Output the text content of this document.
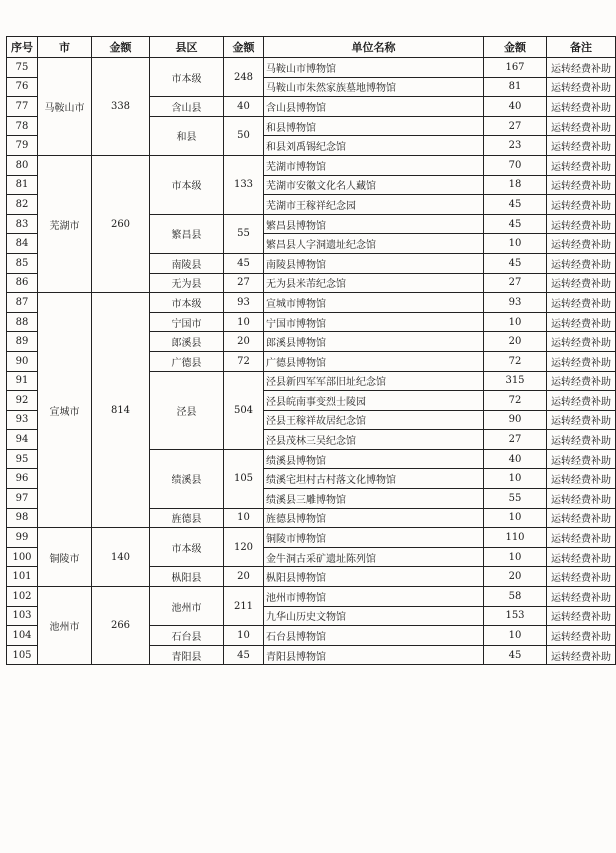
序号	市	金额	县区	金额	单位名称	金额	备注
75	马鞍山市	338	市本级	248	马鞍山市博物馆	167	运转经费补助
76					马鞍山市朱然家族墓地博物馆	81	运转经费补助
77			含山县	40	含山县博物馆	40	运转经费补助
78			和县	50	和县博物馆	27	运转经费补助
79					和县刘禹锡纪念馆	23	运转经费补助
80	芜湖市	260	市本级	133	芜湖市博物馆	70	运转经费补助
81					芜湖市安徽文化名人藏馆	18	运转经费补助
82					芜湖市王稼祥纪念园	45	运转经费补助
83			繁昌县	55	繁昌县博物馆	45	运转经费补助
84					繁昌县人字洞遗址纪念馆	10	运转经费补助
85			南陵县	45	南陵县博物馆	45	运转经费补助
86			无为县	27	无为县米芾纪念馆	27	运转经费补助
87	宣城市	814	市本级	93	宣城市博物馆	93	运转经费补助
88			宁国市	10	宁国市博物馆	10	运转经费补助
89			郎溪县	20	郎溪县博物馆	20	运转经费补助
90			广德县	72	广德县博物馆	72	运转经费补助
91			泾县	504	泾县新四军军部旧址纪念馆	315	运转经费补助
92					泾县皖南事变烈士陵园	72	运转经费补助
93					泾县王稼祥故居纪念馆	90	运转经费补助
94					泾县茂林三吴纪念馆	27	运转经费补助
95			绩溪县	105	绩溪县博物馆	40	运转经费补助
96					绩溪宅坦村古村落文化博物馆	10	运转经费补助
97					绩溪县三雕博物馆	55	运转经费补助
98			旌德县	10	旌德县博物馆	10	运转经费补助
99	铜陵市	140	市本级	120	铜陵市博物馆	110	运转经费补助
100					金牛洞古采矿遗址陈列馆	10	运转经费补助
101			枞阳县	20	枞阳县博物馆	20	运转经费补助
102	池州市	266	池州市	211	池州市博物馆	58	运转经费补助
103					九华山历史文物馆	153	运转经费补助
104			石台县	10	石台县博物馆	10	运转经费补助
105			青阳县	45	青阳县博物馆	45	运转经费补助
